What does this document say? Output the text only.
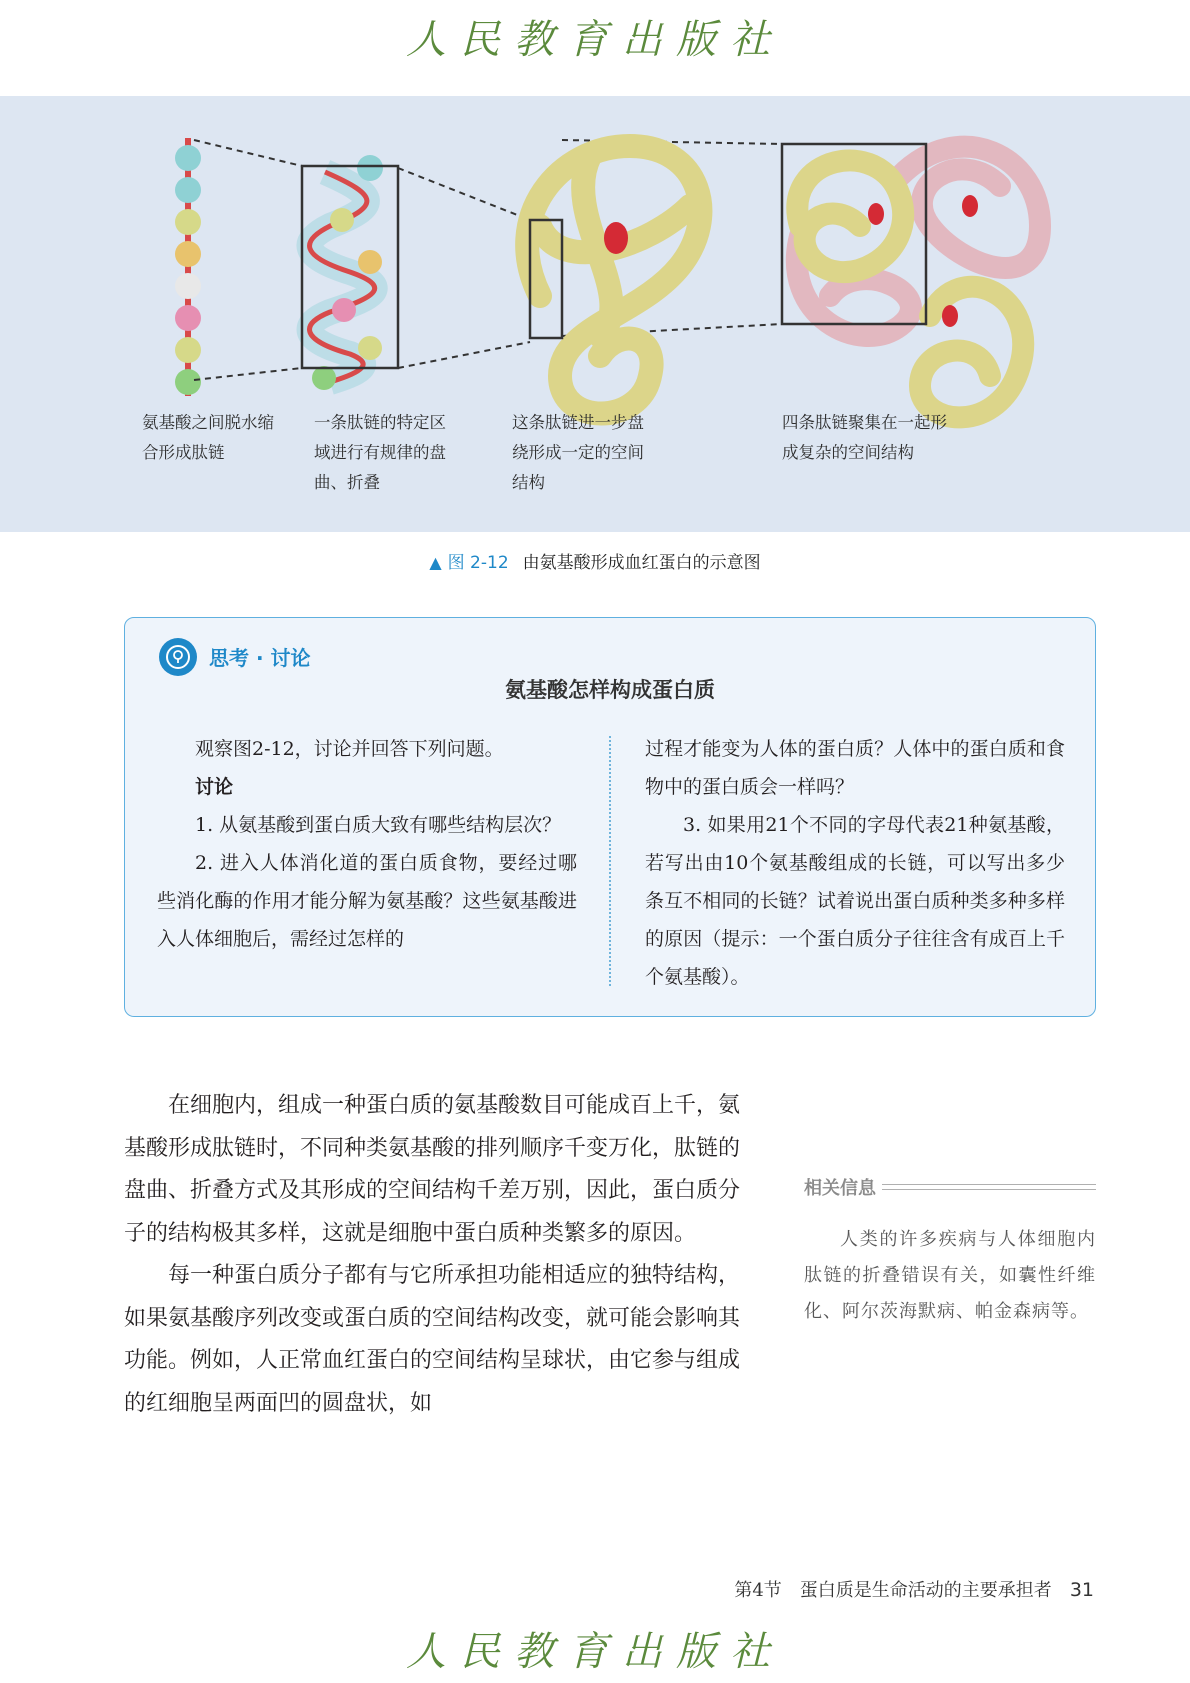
人民教育出版社
氨基酸之间脱水缩
合形成肽链
一条肽链的特定区
域进行有规律的盘
曲、折叠
这条肽链进一步盘
绕形成一定的空间
结构
四条肽链聚集在一起形
成复杂的空间结构
▲ 图 2-12 由氨基酸形成血红蛋白的示意图
思考 · 讨论
氨基酸怎样构成蛋白质

观察图2-12，讨论并回答下列问题。

讨论

1. 从氨基酸到蛋白质大致有哪些结构层次？

2. 进入人体消化道的蛋白质食物，要经过哪些消化酶的作用才能分解为氨基酸？这些氨基酸进入人体细胞后，需经过怎样的

过程才能变为人体的蛋白质？人体中的蛋白质和食物中的蛋白质会一样吗？

3. 如果用21个不同的字母代表21种氨基酸，若写出由10个氨基酸组成的长链，可以写出多少条互不相同的长链？试着说出蛋白质种类多种多样的原因（提示：一个蛋白质分子往往含有成百上千个氨基酸）。

在细胞内，组成一种蛋白质的氨基酸数目可能成百上千，氨基酸形成肽链时，不同种类氨基酸的排列顺序千变万化，肽链的盘曲、折叠方式及其形成的空间结构千差万别，因此，蛋白质分子的结构极其多样，这就是细胞中蛋白质种类繁多的原因。

每一种蛋白质分子都有与它所承担功能相适应的独特结构，如果氨基酸序列改变或蛋白质的空间结构改变，就可能会影响其功能。例如，人正常血红蛋白的空间结构呈球状，由它参与组成的红细胞呈两面凹的圆盘状，如

相关信息
人类的许多疾病与人体细胞内肽链的折叠错误有关，如囊性纤维化、阿尔茨海默病、帕金森病等。
第4节　蛋白质是生命活动的主要承担者 31
人民教育出版社
